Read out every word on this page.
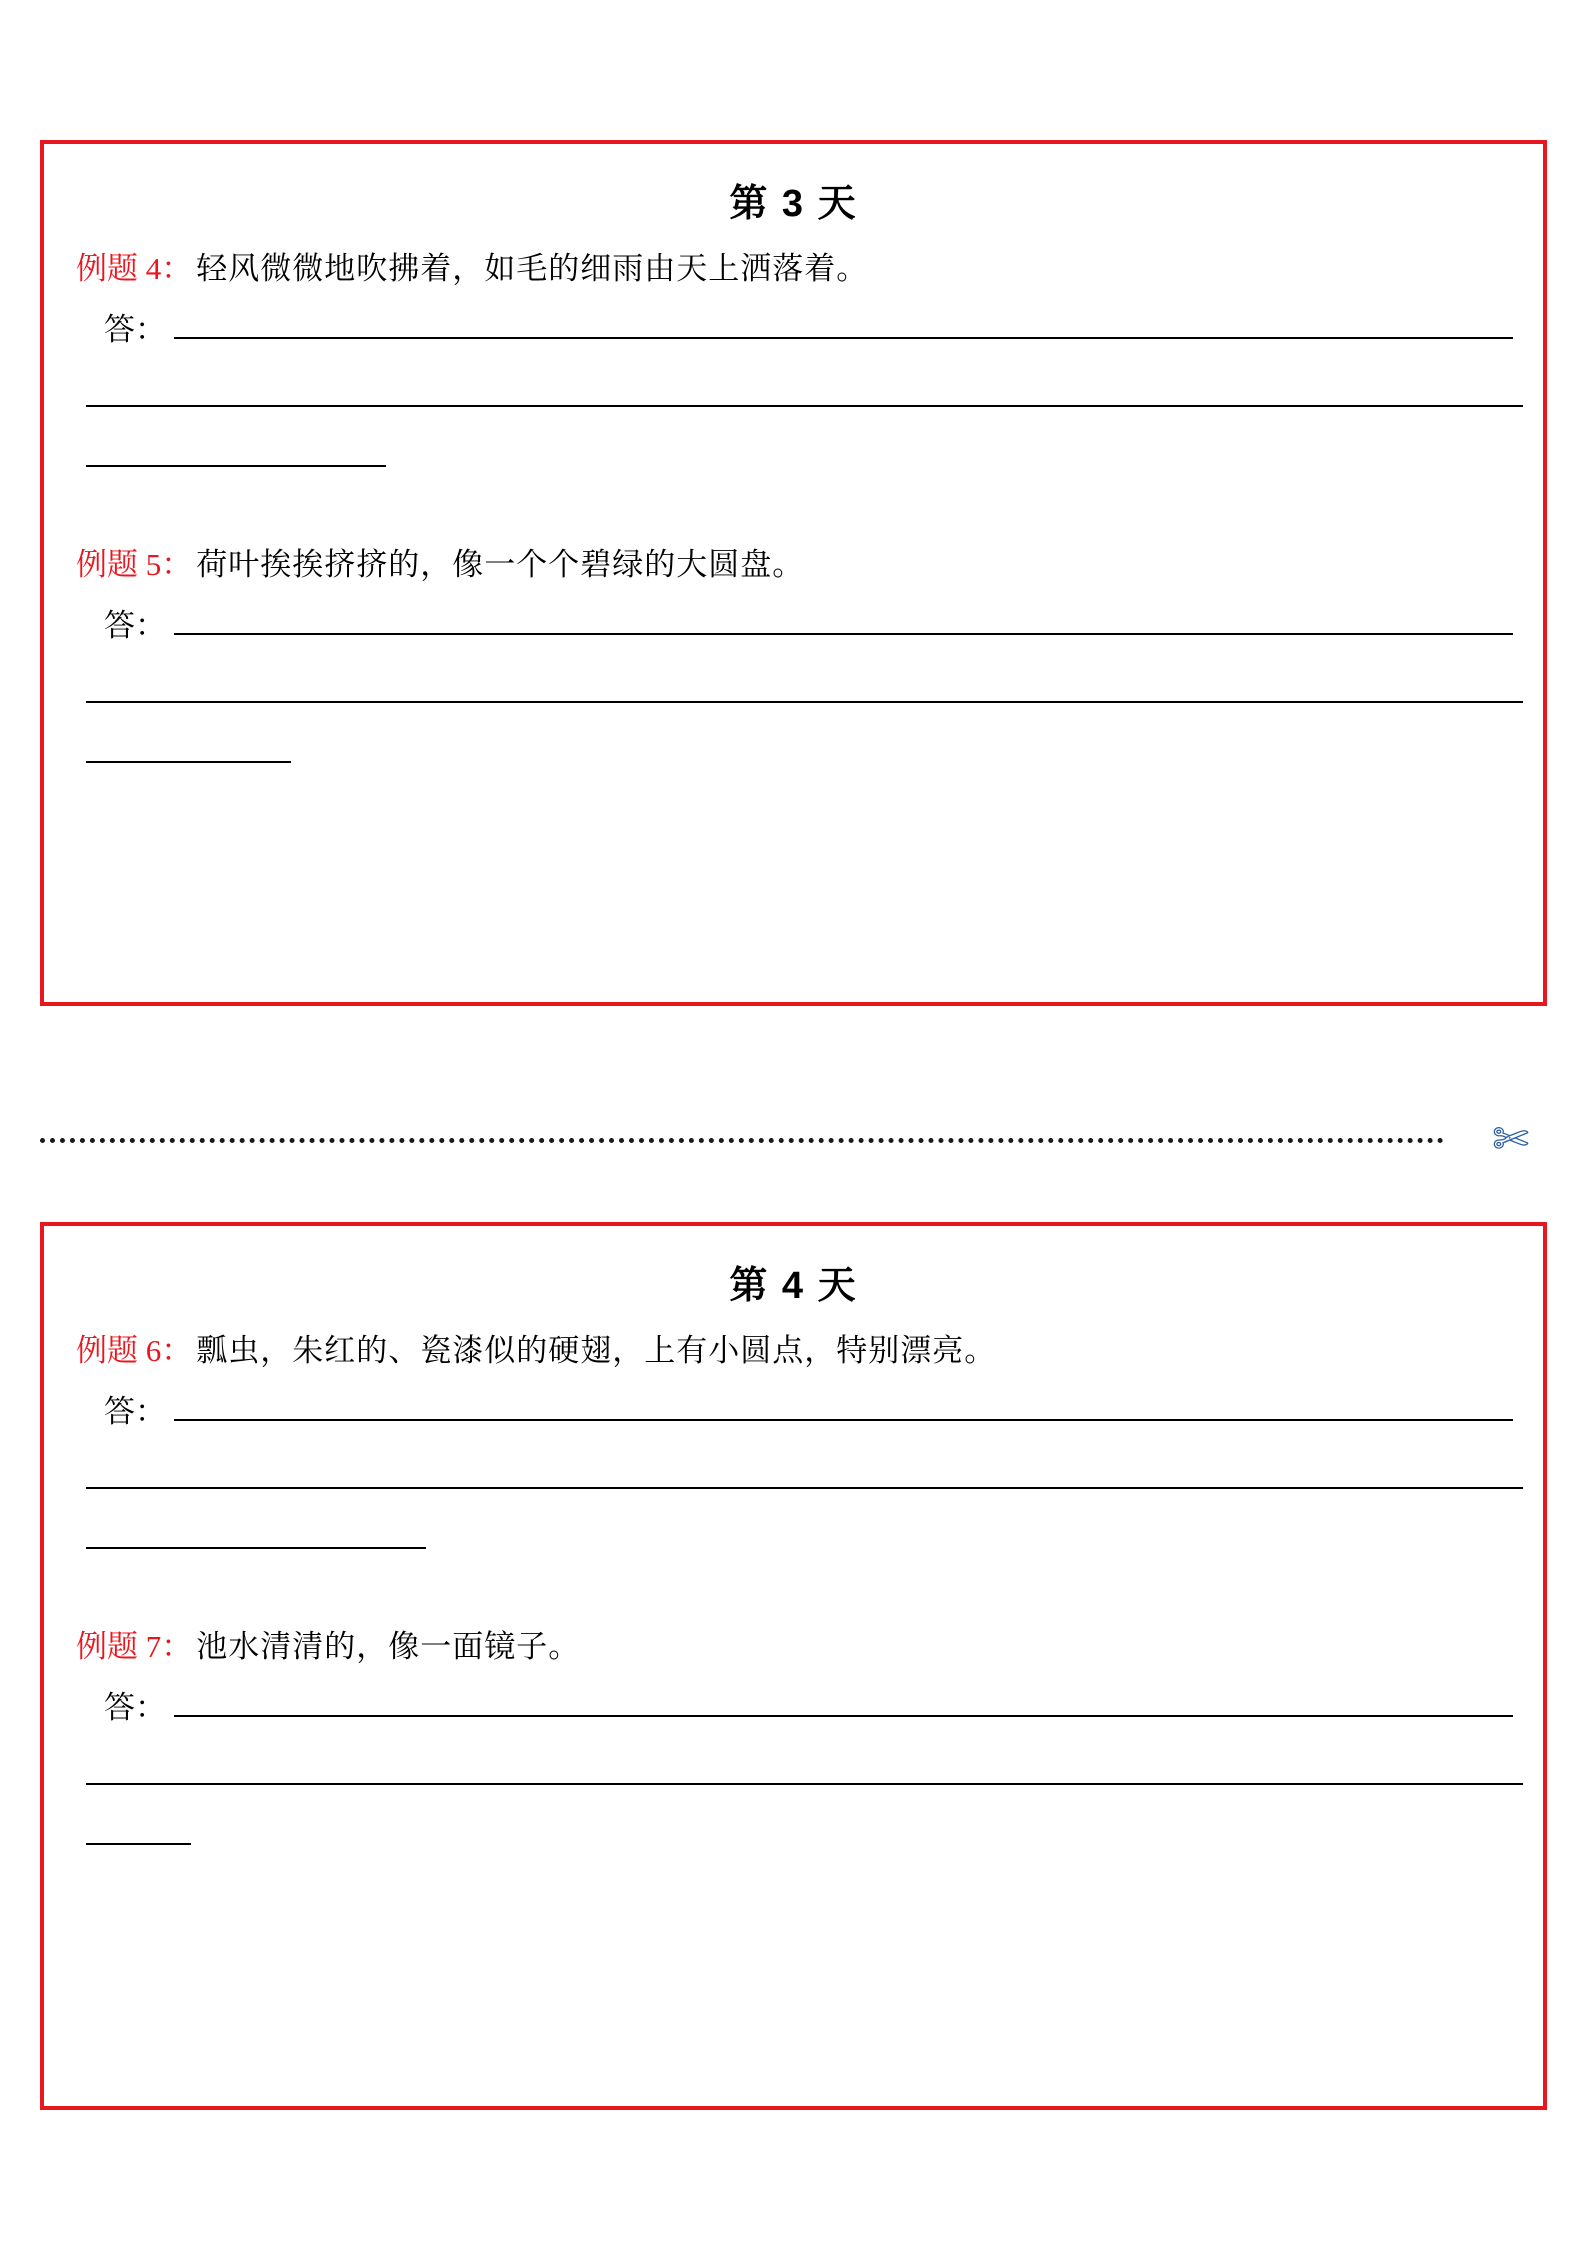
第 3 天
例题 4： 轻风微微地吹拂着，如毛的细雨由天上洒落着。
答：
例题 5： 荷叶挨挨挤挤的，像一个个碧绿的大圆盘。
答：
✄
第 4 天
例题 6： 瓢虫，朱红的、瓷漆似的硬翅，上有小圆点，特别漂亮。
答：
例题 7： 池水清清的，像一面镜子。
答：
